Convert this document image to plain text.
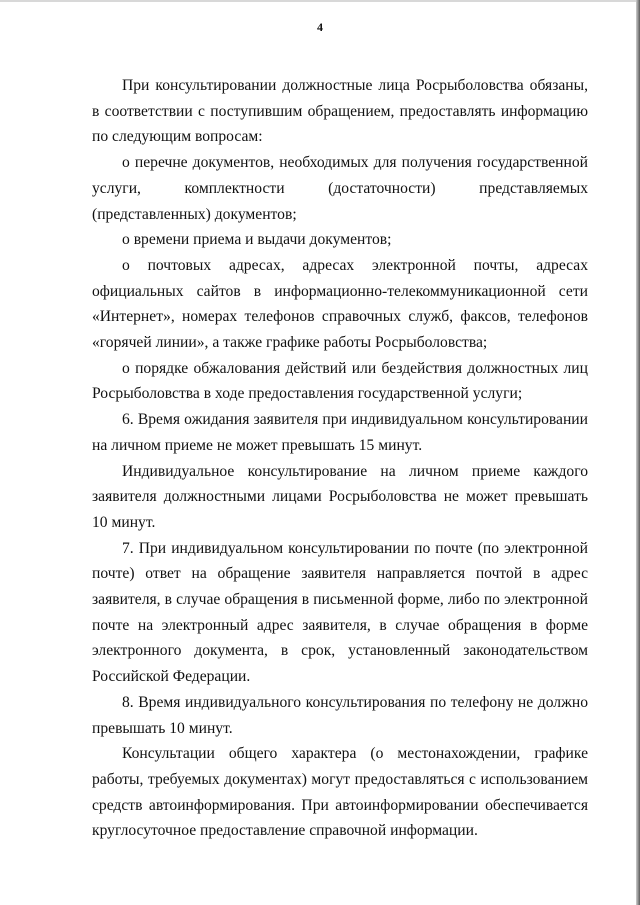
4

При консультировании должностные лица Росрыболовства обязаны, в соответствии с поступившим обращением, предоставлять информацию по следующим вопросам:

о перечне документов, необходимых для получения государственной услуги, комплектности (достаточности) представляемых (представленных) документов;

о времени приема и выдачи документов;

о почтовых адресах, адресах электронной почты, адресах официальных сайтов в информационно-телекоммуникационной сети «Интернет», номерах телефонов справочных служб, факсов, телефонов «горячей линии», а также графике работы Росрыболовства;

о порядке обжалования действий или бездействия должностных лиц Росрыболовства в ходе предоставления государственной услуги;

6. Время ожидания заявителя при индивидуальном консультировании на личном приеме не может превышать 15 минут.

Индивидуальное консультирование на личном приеме каждого заявителя должностными лицами Росрыболовства не может превышать 10 минут.

7. При индивидуальном консультировании по почте (по электронной почте) ответ на обращение заявителя направляется почтой в адрес заявителя, в случае обращения в письменной форме, либо по электронной почте на электронный адрес заявителя, в случае обращения в форме электронного документа, в срок, установленный законодательством Российской Федерации.

8. Время индивидуального консультирования по телефону не должно превышать 10 минут.

Консультации общего характера (о местонахождении, графике работы, требуемых документах) могут предоставляться с использованием средств автоинформирования. При автоинформировании обеспечивается круглосуточное предоставление справочной информации.
